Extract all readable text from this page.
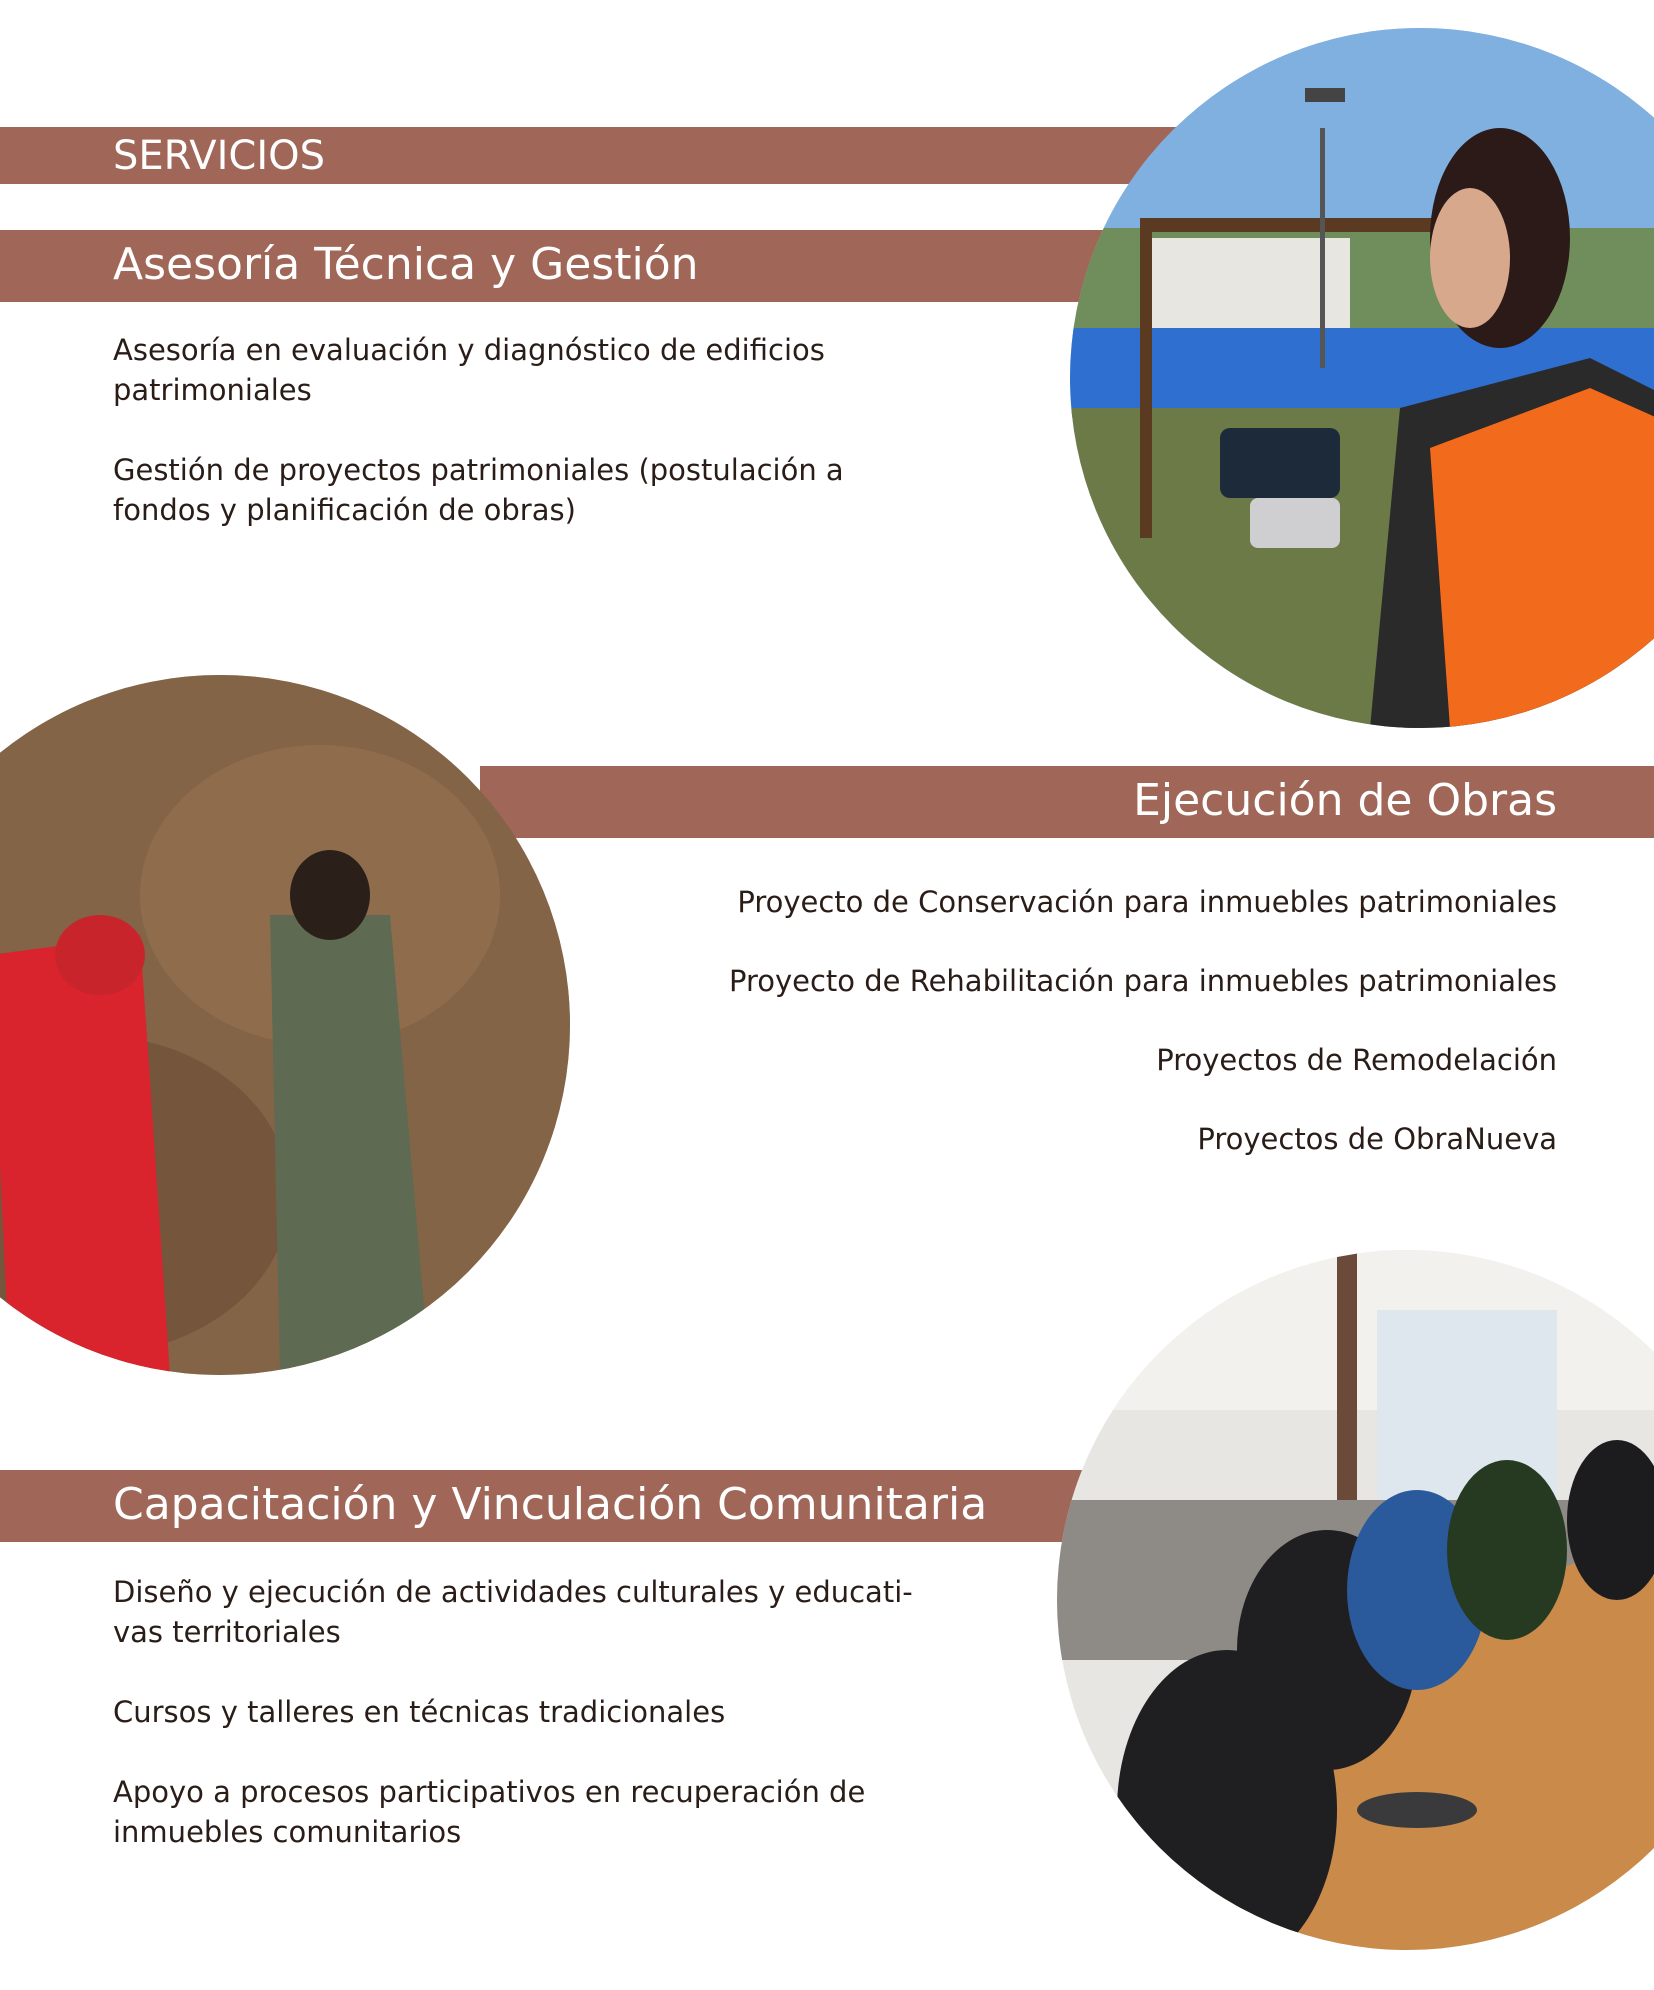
SERVICIOS
Asesoría Técnica y Gestión

Asesoría en evaluación y diagnóstico de edificios
patrimoniales

Gestión de proyectos patrimoniales (postulación a
fondos y planificación de obras)

Ejecución de Obras

Proyecto de Conservación para inmuebles patrimoniales

Proyecto de Rehabilitación para inmuebles patrimoniales

Proyectos de Remodelación

Proyectos de ObraNueva

Capacitación y Vinculación Comunitaria

Diseño y ejecución de actividades culturales y educati-
vas territoriales

Cursos y talleres en técnicas tradicionales

Apoyo a procesos participativos en recuperación de
inmuebles comunitarios
